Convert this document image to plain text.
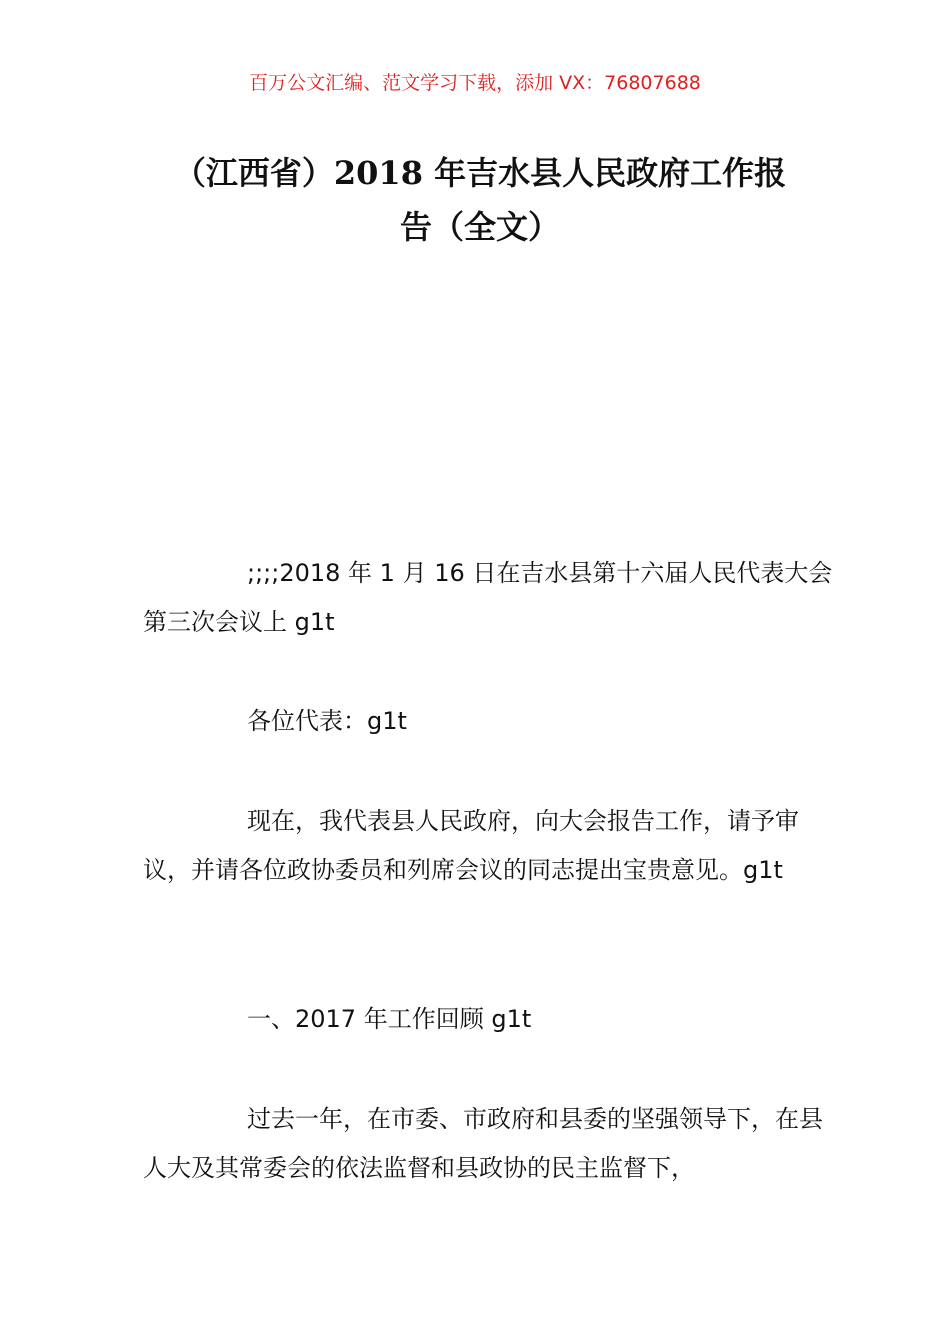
百万公文汇编、范文学习下载，添加 VX：76807688
（江西省）2018 年吉水县人民政府工作报
告（全文）

;;;;2018 年 1 月 16 日在吉水县第十六届人民代表大会 第三次会议上 g1t

各位代表：g1t

现在，我代表县人民政府，向大会报告工作，请予审议，并请各位政协委员和列席会议的同志提出宝贵意见。g1t

一、2017 年工作回顾 g1t

过去一年，在市委、市政府和县委的坚强领导下，在县人大及其常委会的依法监督和县政协的民主监督下，
